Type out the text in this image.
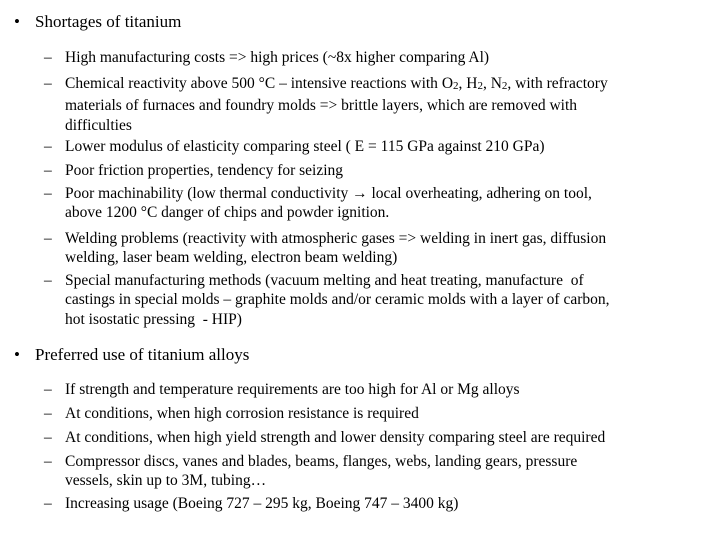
• Shortages of titanium
– High manufacturing costs => high prices (~8x higher comparing Al)
– Chemical reactivity above 500 °C – intensive reactions with $O_2$, $H_2$, $N_2$, with refractory
materials of furnaces and foundry molds => brittle layers, which are removed with
difficulties
– Lower modulus of elasticity comparing steel ( E = 115 GPa against 210 GPa)
– Poor friction properties, tendency for seizing
– Poor machinability (low thermal conductivity → local overheating, adhering on tool,
above 1200 °C danger of chips and powder ignition.
– Welding problems (reactivity with atmospheric gases => welding in inert gas, diffusion
welding, laser beam welding, electron beam welding)
– Special manufacturing methods (vacuum melting and heat treating, manufacture  of
castings in special molds – graphite molds and/or ceramic molds with a layer of carbon,
hot isostatic pressing  - HIP)
• Preferred use of titanium alloys
– If strength and temperature requirements are too high for Al or Mg alloys
– At conditions, when high corrosion resistance is required
– At conditions, when high yield strength and lower density comparing steel are required
– Compressor discs, vanes and blades, beams, flanges, webs, landing gears, pressure
vessels, skin up to 3M, tubing…
– Increasing usage (Boeing 727 – 295 kg, Boeing 747 – 3400 kg)
